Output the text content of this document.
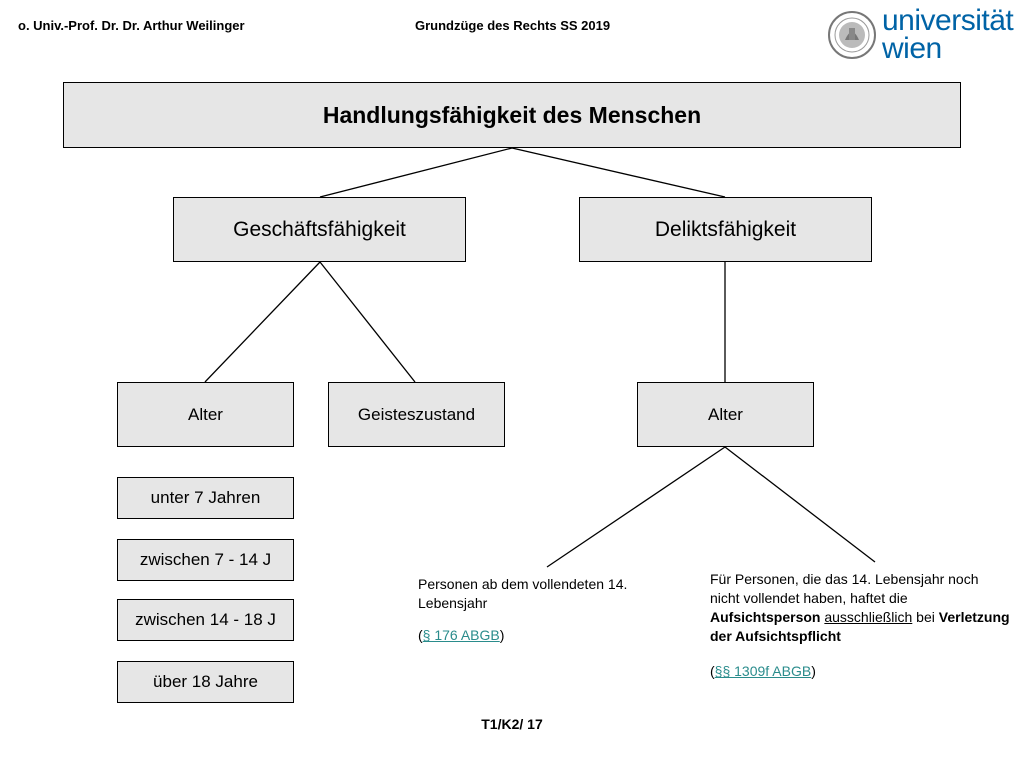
o. Univ.-Prof. Dr. Dr. Arthur Weilinger	Grundzüge des Rechts SS 2019	universität
wien
Handlungsfähigkeit des Menschen
Geschäftsfähigkeit	Deliktsfähigkeit
Alter	Geisteszustand	Alter
unter 7 Jahren
zwischen 7 - 14 J
zwischen 14 - 18 J
über 18 Jahre
Personen ab dem vollendeten 14. Lebensjahr
(§ 176 ABGB)
Für Personen, die das 14. Lebensjahr noch nicht vollendet haben, haftet die Aufsichtsperson ausschließlich bei Verletzung der Aufsichtspflicht
(§§ 1309f ABGB)
T1/K2/ 17
